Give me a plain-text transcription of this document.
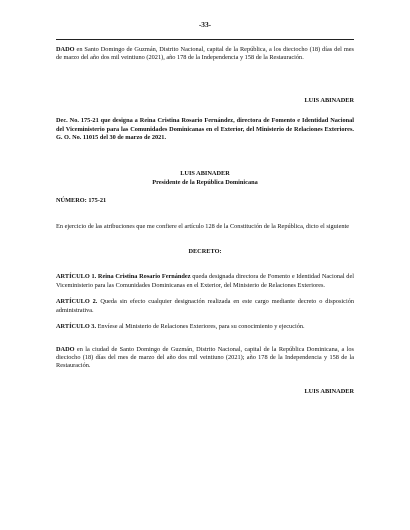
-33-

DADO en Santo Domingo de Guzmán, Distrito Nacional, capital de la República, a los dieciocho (18) días del mes de marzo del año dos mil veintiuno (2021), año 178 de la Independencia y 158 de la Restauración.

LUIS ABINADER

Dec. No. 175-21 que designa a Reina Cristina Rosario Fernández, directora de Fomento e Identidad Nacional del Viceministerio para las Comunidades Dominicanas en el Exterior, del Ministerio de Relaciones Exteriores. G. O. No. 11015 del 30 de marzo de 2021.

LUIS ABINADER

Presidente de la República Dominicana

NÚMERO: 175-21

En ejercicio de las atribuciones que me confiere el artículo 128 de la Constitución de la República, dicto el siguiente

DECRETO:

ARTÍCULO 1. Reina Cristina Rosario Fernández queda designada directora de Fomento e Identidad Nacional del Viceministerio para las Comunidades Dominicanas en el Exterior, del Ministerio de Relaciones Exteriores.

ARTÍCULO 2. Queda sin efecto cualquier designación realizada en este cargo mediante decreto o disposición administrativa.

ARTÍCULO 3. Envíese al Ministerio de Relaciones Exteriores, para su conocimiento y ejecución.

DADO en la ciudad de Santo Domingo de Guzmán, Distrito Nacional, capital de la República Dominicana, a los dieciocho (18) días del mes de marzo del año dos mil veintiuno (2021); año 178 de la Independencia y 158 de la Restauración.

LUIS ABINADER
